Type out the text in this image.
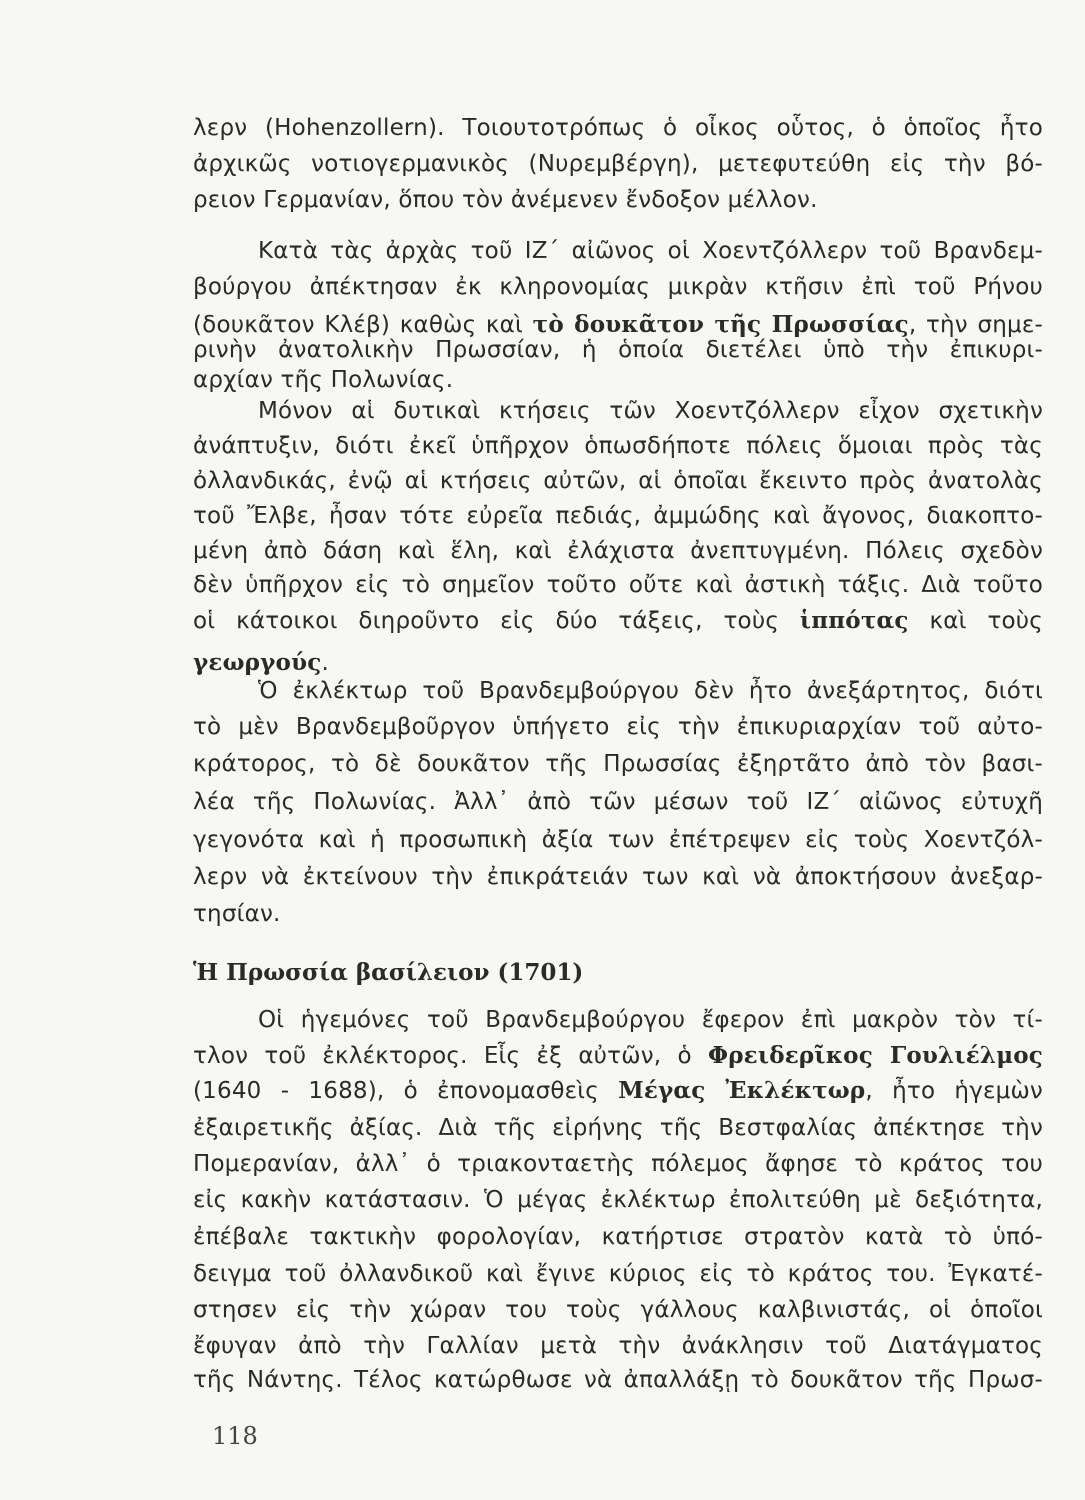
λερν (Hohenzollern). Τοιουτοτρόπως ὁ οἶκος οὗτος, ὁ ὁποῖος ἦτο
ἀρχικῶς νοτιογερμανικὸς (Νυρεμβέργη), μετεφυτεύθη εἰς τὴν βό-
ρειον Γερμανίαν, ὅπου τὸν ἀνέμενεν ἔνδοξον μέλλον.
Κατὰ τὰς ἀρχὰς τοῦ ΙΖ΄ αἰῶνος οἱ Χοεντζόλλερν τοῦ Βρανδεμ-
βούργου ἀπέκτησαν ἐκ κληρονομίας μικρὰν κτῆσιν ἐπὶ τοῦ Ρήνου
(δουκᾶτον Κλέβ) καθὼς καὶ τὸ δουκᾶτον τῆς Πρωσσίας, τὴν σημε-
ρινὴν ἀνατολικὴν Πρωσσίαν, ἡ ὁποία διετέλει ὑπὸ τὴν ἐπικυρι-
αρχίαν τῆς Πολωνίας.
Μόνον αἱ δυτικαὶ κτήσεις τῶν Χοεντζόλλερν εἶχον σχετικὴν
ἀνάπτυξιν, διότι ἐκεῖ ὑπῆρχον ὁπωσδήποτε πόλεις ὅμοιαι πρὸς τὰς
ὀλλανδικάς, ἐνῷ αἱ κτήσεις αὐτῶν, αἱ ὁποῖαι ἔκειντο πρὸς ἀνατολὰς
τοῦ Ἔλβε, ἦσαν τότε εὐρεῖα πεδιάς, ἀμμώδης καὶ ἄγονος, διακοπτο-
μένη ἀπὸ δάση καὶ ἕλη, καὶ ἐλάχιστα ἀνεπτυγμένη. Πόλεις σχεδὸν
δὲν ὑπῆρχον εἰς τὸ σημεῖον τοῦτο οὔτε καὶ ἀστικὴ τάξις. Διὰ τοῦτο
οἱ κάτοικοι διηροῦντο εἰς δύο τάξεις, τοὺς ἱππότας καὶ τοὺς
γεωργούς.
Ὁ ἐκλέκτωρ τοῦ Βρανδεμβούργου δὲν ἦτο ἀνεξάρτητος, διότι
τὸ μὲν Βρανδεμβοῦργον ὑπήγετο εἰς τὴν ἐπικυριαρχίαν τοῦ αὐτο-
κράτορος, τὸ δὲ δουκᾶτον τῆς Πρωσσίας ἐξηρτᾶτο ἀπὸ τὸν βασι-
λέα τῆς Πολωνίας. Ἀλλ᾽ ἀπὸ τῶν μέσων τοῦ ΙΖ΄ αἰῶνος εὐτυχῆ
γεγονότα καὶ ἡ προσωπικὴ ἀξία των ἐπέτρεψεν εἰς τοὺς Χοεντζόλ-
λερν νὰ ἐκτείνουν τὴν ἐπικράτειάν των καὶ νὰ ἀποκτήσουν ἀνεξαρ-
τησίαν.
Ἡ Πρωσσία βασίλειον (1701)
Οἱ ἡγεμόνες τοῦ Βρανδεμβούργου ἔφερον ἐπὶ μακρὸν τὸν τί-
τλον τοῦ ἐκλέκτορος. Εἷς ἐξ αὐτῶν, ὁ Φρειδερῖκος Γουλιέλμος
(1640 - 1688), ὁ ἐπονομασθεὶς Μέγας Ἐκλέκτωρ, ἦτο ἡγεμὼν
ἐξαιρετικῆς ἀξίας. Διὰ τῆς εἰρήνης τῆς Βεστφαλίας ἀπέκτησε τὴν
Πομερανίαν, ἀλλ᾽ ὁ τριακονταετὴς πόλεμος ἄφησε τὸ κράτος του
εἰς κακὴν κατάστασιν. Ὁ μέγας ἐκλέκτωρ ἐπολιτεύθη μὲ δεξιότητα,
ἐπέβαλε τακτικὴν φορολογίαν, κατήρτισε στρατὸν κατὰ τὸ ὑπό-
δειγμα τοῦ ὀλλανδικοῦ καὶ ἔγινε κύριος εἰς τὸ κράτος του. Ἐγκατέ-
στησεν εἰς τὴν χώραν του τοὺς γάλλους καλβινιστάς, οἱ ὁποῖοι
ἔφυγαν ἀπὸ τὴν Γαλλίαν μετὰ τὴν ἀνάκλησιν τοῦ Διατάγματος
τῆς Νάντης. Τέλος κατώρθωσε νὰ ἀπαλλάξῃ τὸ δουκᾶτον τῆς Πρωσ-
118
